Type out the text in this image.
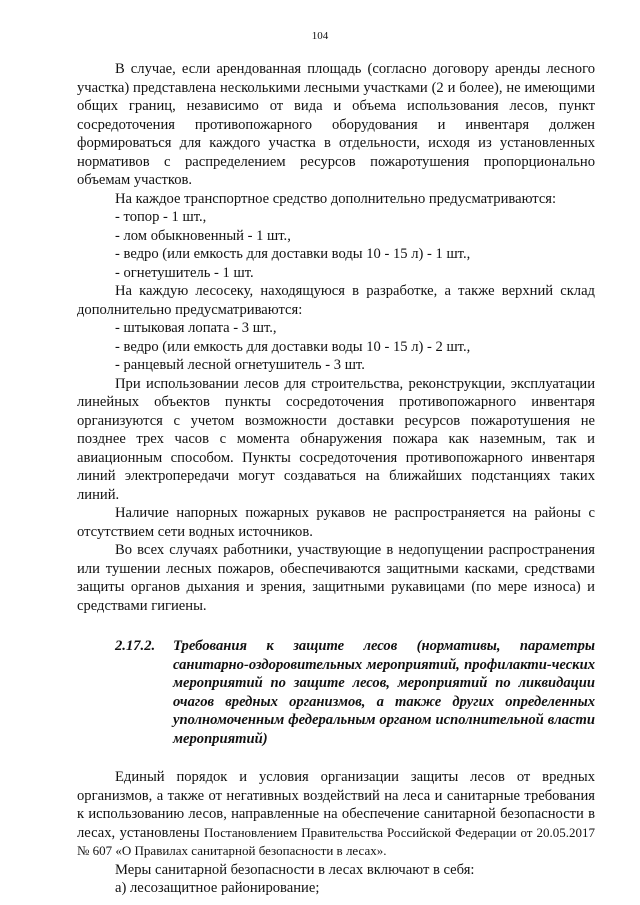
104
В случае, если арендованная площадь (согласно договору аренды лесного участка) представлена несколькими лесными участками (2 и более), не имеющими общих границ, независимо от вида и объема использования лесов, пункт сосредоточения противопожарного оборудования и инвентаря должен формироваться для каждого участка в отдельности, исходя из установленных нормативов с распределением ресурсов пожаротушения пропорционально объемам участков.
На каждое транспортное средство дополнительно предусматриваются:
- топор - 1 шт.,
- лом обыкновенный - 1 шт.,
- ведро (или емкость для доставки воды 10 - 15 л) - 1 шт.,
- огнетушитель - 1 шт.
На каждую лесосеку, находящуюся в разработке, а также верхний склад дополнительно предусматриваются:
- штыковая лопата - 3 шт.,
- ведро (или емкость для доставки воды 10 - 15 л) - 2 шт.,
- ранцевый лесной огнетушитель - 3 шт.
При использовании лесов для строительства, реконструкции, эксплуатации линейных объектов пункты сосредоточения противопожарного инвентаря организуются с учетом возможности доставки ресурсов пожаротушения не позднее трех часов с момента обнаружения пожара как наземным, так и авиационным способом. Пункты сосредоточения противопожарного инвентаря линий электропередачи могут создаваться на ближайших подстанциях таких линий.
Наличие напорных пожарных рукавов не распространяется на районы с отсутствием сети водных источников.
Во всех случаях работники, участвующие в недопущении распространения или тушении лесных пожаров, обеспечиваются защитными касками, средствами защиты органов дыхания и зрения, защитными рукавицами (по мере износа) и средствами гигиены.
2.17.2.	Требования к защите лесов (нормативы, параметры санитарно-оздоровительных мероприятий, профилакти-ческих мероприятий по защите лесов, мероприятий по ликвидации очагов вредных организмов, а также других определенных уполномоченным федеральным органом исполнительной власти мероприятий)
Единый порядок и условия организации защиты лесов от вредных организмов, а также от негативных воздействий на леса и санитарные требования к использованию лесов, направленные на обеспечение санитарной безопасности в лесах, установлены Постановлением Правительства Российской Федерации от 20.05.2017 № 607 «О Правилах санитарной безопасности в лесах».
Меры санитарной безопасности в лесах включают в себя:
а) лесозащитное районирование;
